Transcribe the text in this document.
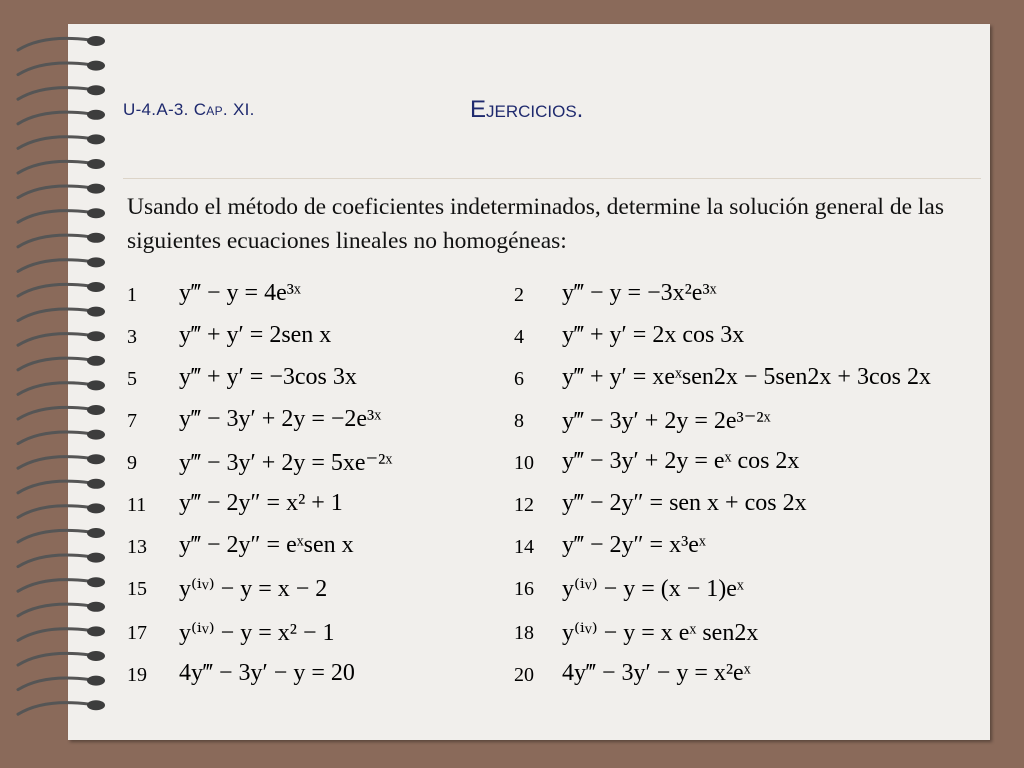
U-4.A-3. Cap. XI.	Ejercicios.
Usando el método de coeficientes indeterminados, determine la solución general de las siguientes ecuaciones lineales no homogéneas:
1	y‴ − y = 4e³ˣ	2	y‴ − y = −3x²e³ˣ
3	y‴ + y′ = 2sen x	4	y‴ + y′ = 2x cos 3x
5	y‴ + y′ = −3cos 3x	6	y‴ + y′ = xeˣsen2x − 5sen2x + 3cos 2x
7	y‴ − 3y′ + 2y = −2e³ˣ	8	y‴ − 3y′ + 2y = 2e³⁻²ˣ
9	y‴ − 3y′ + 2y = 5xe⁻²ˣ	10	y‴ − 3y′ + 2y = eˣ cos 2x
11	y‴ − 2y″ = x² + 1	12	y‴ − 2y″ = sen x + cos 2x
13	y‴ − 2y″ = eˣsen x	14	y‴ − 2y″ = x³eˣ
15	y⁽ⁱᵛ⁾ − y = x − 2	16	y⁽ⁱᵛ⁾ − y = (x − 1)eˣ
17	y⁽ⁱᵛ⁾ − y = x² − 1	18	y⁽ⁱᵛ⁾ − y = x eˣ sen2x
19	4y‴ − 3y′ − y = 20	20	4y‴ − 3y′ − y = x²eˣ
